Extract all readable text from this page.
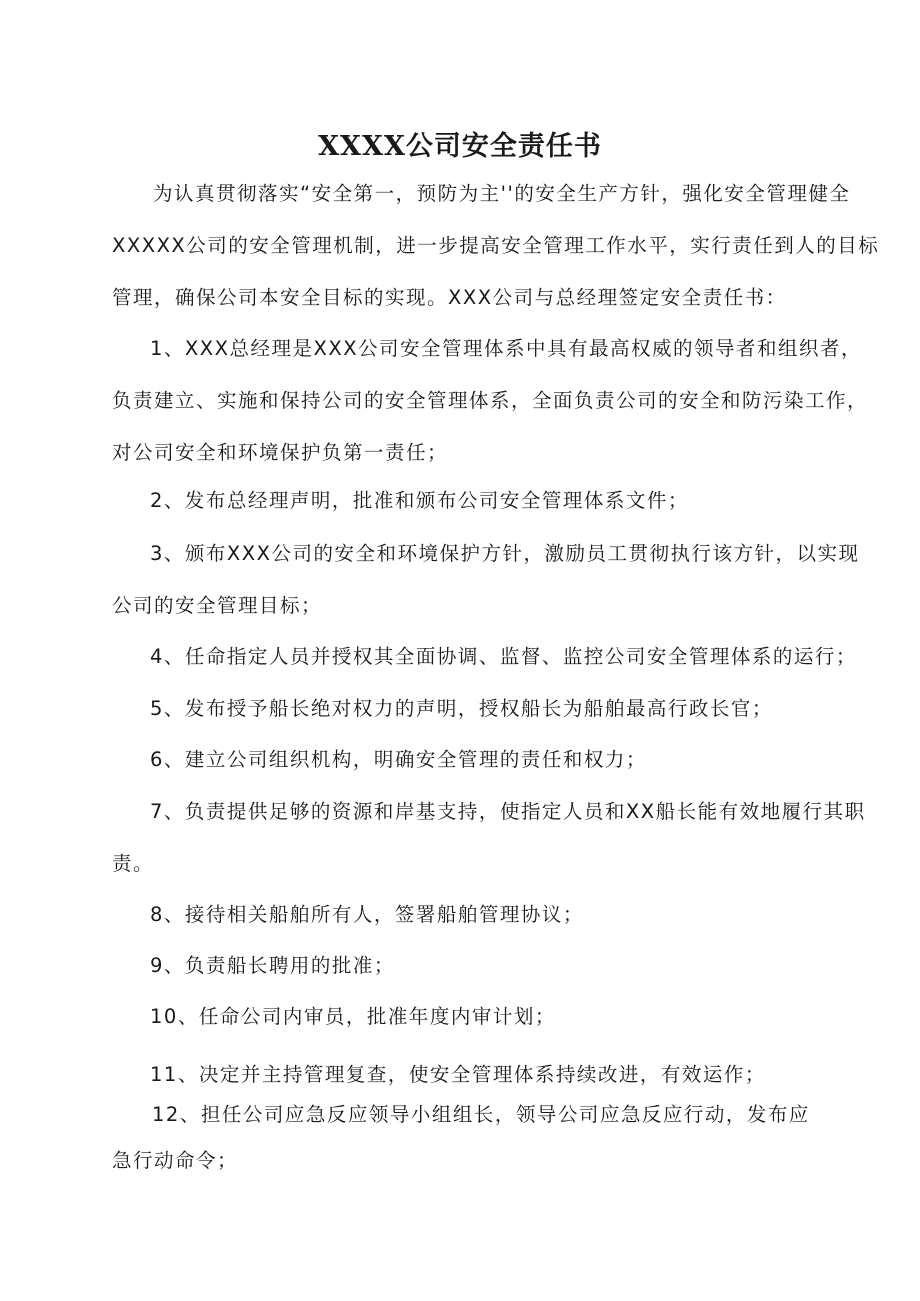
XXXX公司安全责任书
为认真贯彻落实“安全第一，预防为主''的安全生产方针，强化安全管理健全
XXXXX公司的安全管理机制，进一步提高安全管理工作水平，实行责任到人的目标
管理，确保公司本安全目标的实现。XXX公司与总经理签定安全责任书：
1、XXX总经理是XXX公司安全管理体系中具有最高权威的领导者和组织者，
负责建立、实施和保持公司的安全管理体系，全面负责公司的安全和防污染工作，
对公司安全和环境保护负第一责任；
2、发布总经理声明，批准和颁布公司安全管理体系文件；
3、颁布XXX公司的安全和环境保护方针，激励员工贯彻执行该方针，以实现
公司的安全管理目标；
4、任命指定人员并授权其全面协调、监督、监控公司安全管理体系的运行；
5、发布授予船长绝对权力的声明，授权船长为船舶最高行政长官；
6、建立公司组织机构，明确安全管理的责任和权力；
7、负责提供足够的资源和岸基支持，使指定人员和XX船长能有效地履行其职
责。
8、接待相关船舶所有人，签署船舶管理协议；
9、负责船长聘用的批准；
10、任命公司内审员，批准年度内审计划；
11、决定并主持管理复查，使安全管理体系持续改进，有效运作；
12、担任公司应急反应领导小组组长，领导公司应急反应行动，发布应
急行动命令；
